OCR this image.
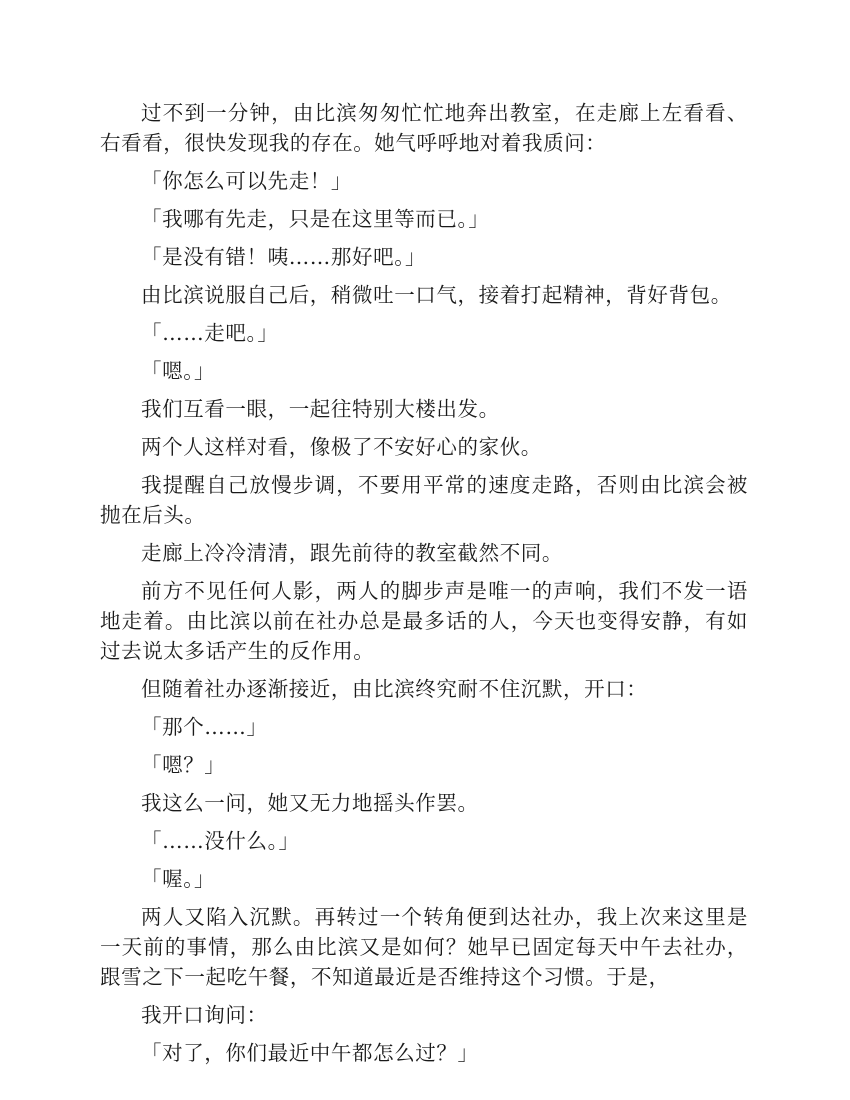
过不到一分钟，由比滨匆匆忙忙地奔出教室，在走廊上左看看、右看看，很快发现我的存在。她气呼呼地对着我质问：

「你怎么可以先走！」

「我哪有先走，只是在这里等而已。」

「是没有错！咦……那好吧。」

由比滨说服自己后，稍微吐一口气，接着打起精神，背好背包。

「……走吧。」

「嗯。」

我们互看一眼，一起往特别大楼出发。

两个人这样对看，像极了不安好心的家伙。

我提醒自己放慢步调，不要用平常的速度走路，否则由比滨会被抛在后头。

走廊上冷冷清清，跟先前待的教室截然不同。

前方不见任何人影，两人的脚步声是唯一的声响，我们不发一语地走着。由比滨以前在社办总是最多话的人，今天也变得安静，有如过去说太多话产生的反作用。

但随着社办逐渐接近，由比滨终究耐不住沉默，开口：

「那个……」

「嗯？」

我这么一问，她又无力地摇头作罢。

「……没什么。」

「喔。」

两人又陷入沉默。再转过一个转角便到达社办，我上次来这里是一天前的事情，那么由比滨又是如何？她早已固定每天中午去社办，跟雪之下一起吃午餐，不知道最近是否维持这个习惯。于是，

我开口询问：

「对了，你们最近中午都怎么过？」
